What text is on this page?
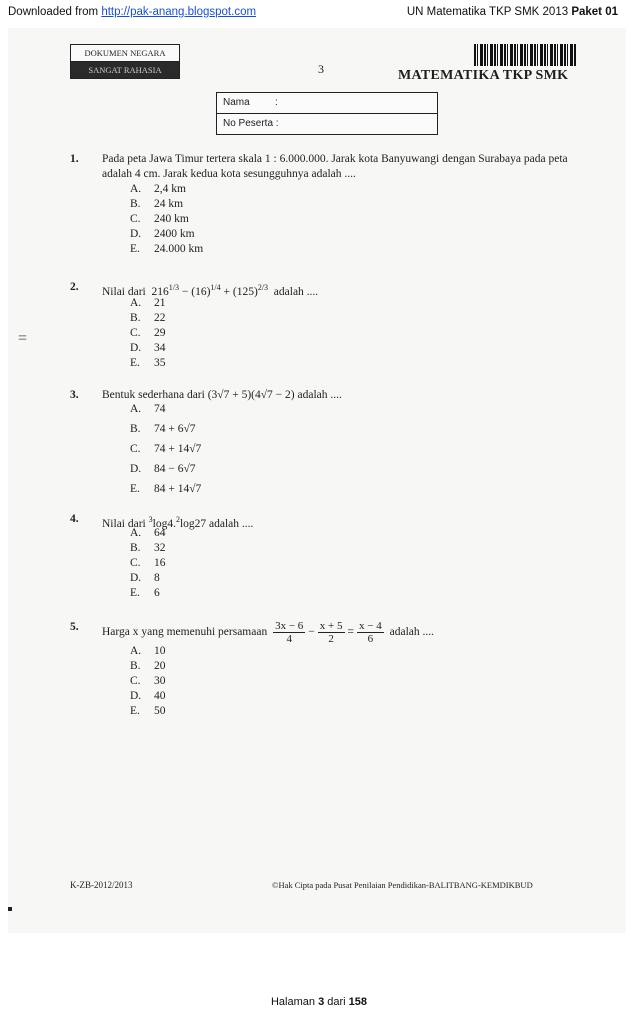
Downloaded from http://pak-anang.blogspot.com	UN Matematika TKP SMK 2013 Paket 01
DOKUMEN NEGARA
SANGAT RAHASIA	3	MATEMATIKA TKP SMK
Nama	:
No Peserta :
=
1.	Pada peta Jawa Timur tertera skala 1 : 6.000.000. Jarak kota Banyuwangi dengan Surabaya pada peta adalah 4 cm. Jarak kedua kota sesungguhnya adalah ....
A. 2,4 km
B. 24 km
C. 240 km
D. 2400 km
E. 24.000 km
2.	Nilai dari $216^{1/3} - (16)^{1/4} + (125)^{2/3}$ adalah ....
A. 21
B. 22
C. 29
D. 34
E. 35
3.	Bentuk sederhana dari (3√7 + 5)(4√7 − 2) adalah ....
A. 74
B. 74 + 6√7
C. 74 + 14√7
D. 84 − 6√7
E. 84 + 14√7
4.	Nilai dari $^3$log4.$^2$log27 adalah ....
A. 64
B. 32
C. 16
D. 8
E. 6
5.	Harga x yang memenuhi persamaan $\frac{3x - 6}{4} - \frac{x + 5}{2} = \frac{x - 4}{6}$ adalah ....
A. 10
B. 20
C. 30
D. 40
E. 50
K-ZB-2012/2013	©Hak Cipta pada Pusat Penilaian Pendidikan-BALITBANG-KEMDIKBUD
Halaman 3 dari 158
